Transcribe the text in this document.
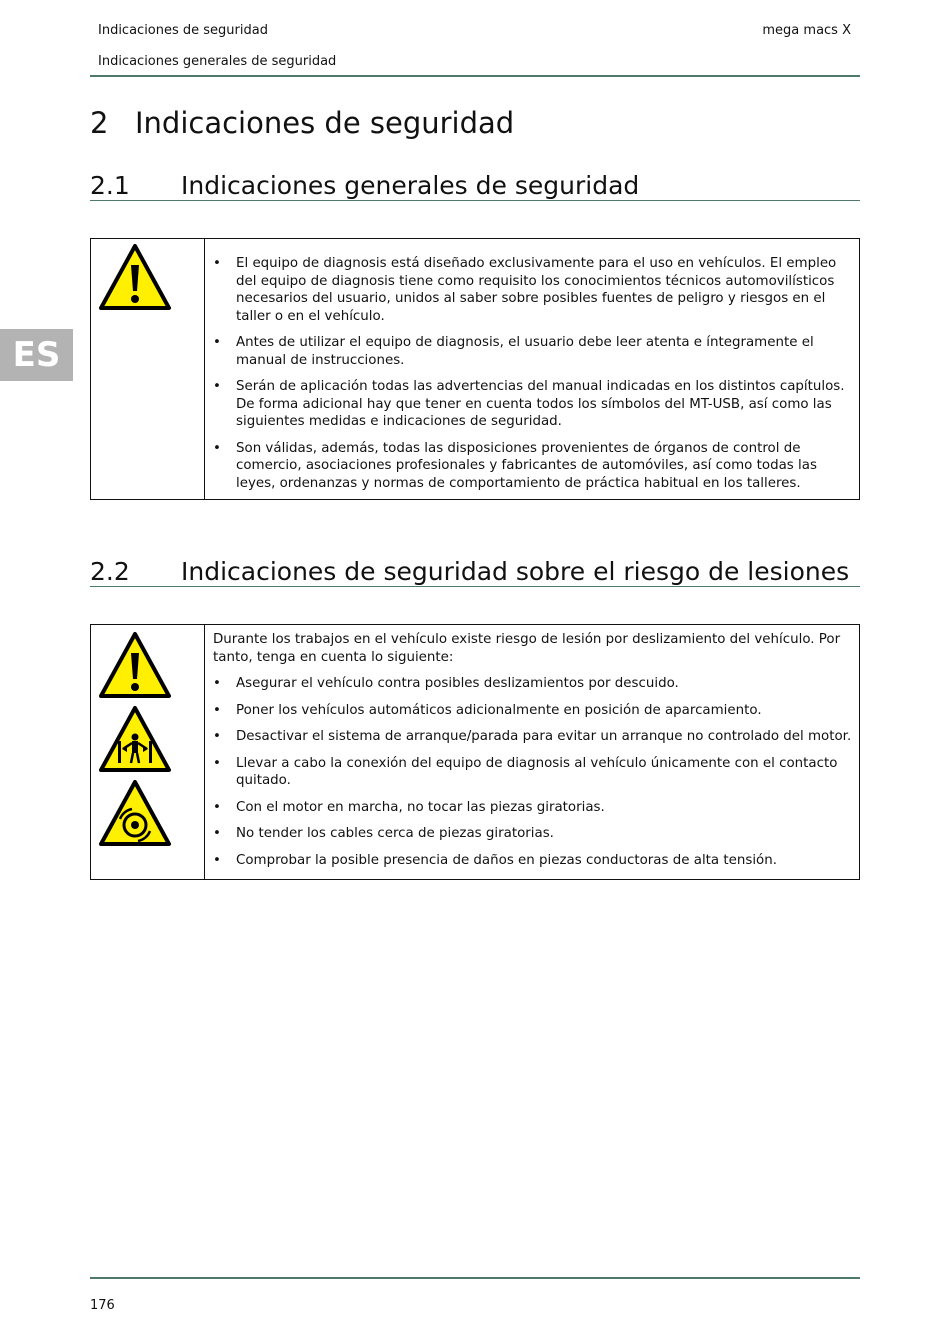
Indicaciones de seguridad
Indicaciones generales de seguridad
mega macs X
ES
2 Indicaciones de seguridad
2.1 Indicaciones generales de seguridad
• El equipo de diagnosis está diseñado exclusivamente para el uso en vehículos. El empleo del equipo de diagnosis tiene como requisito los conocimientos técnicos automovilísticos necesarios del usuario, unidos al saber sobre posibles fuentes de peligro y riesgos en el taller o en el vehículo.
• Antes de utilizar el equipo de diagnosis, el usuario debe leer atenta e íntegramente el manual de instrucciones.
• Serán de aplicación todas las advertencias del manual indicadas en los distintos capítulos. De forma adicional hay que tener en cuenta todos los símbolos del MT-USB, así como las siguientes medidas e indicaciones de seguridad.
• Son válidas, además, todas las disposiciones provenientes de órganos de control de comercio, asociaciones profesionales y fabricantes de automóviles, así como todas las leyes, ordenanzas y normas de comportamiento de práctica habitual en los talleres.
2.2 Indicaciones de seguridad sobre el riesgo de lesiones
Durante los trabajos en el vehículo existe riesgo de lesión por deslizamiento del vehículo. Por tanto, tenga en cuenta lo siguiente:
• Asegurar el vehículo contra posibles deslizamientos por descuido.
• Poner los vehículos automáticos adicionalmente en posición de aparcamiento.
• Desactivar el sistema de arranque/parada para evitar un arranque no controlado del motor.
• Llevar a cabo la conexión del equipo de diagnosis al vehículo únicamente con el contacto quitado.
• Con el motor en marcha, no tocar las piezas giratorias.
• No tender los cables cerca de piezas giratorias.
• Comprobar la posible presencia de daños en piezas conductoras de alta tensión.
176
